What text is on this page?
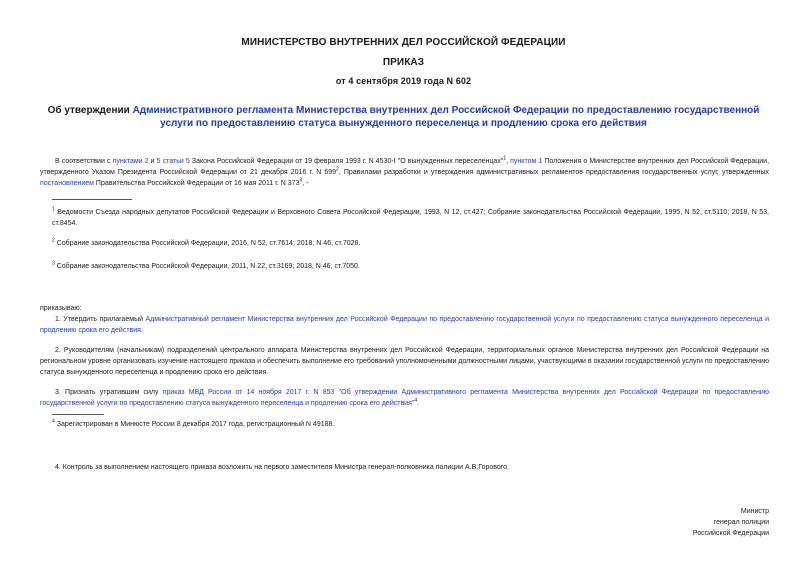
МИНИСТЕРСТВО ВНУТРЕННИХ ДЕЛ РОССИЙСКОЙ ФЕДЕРАЦИИ
ПРИКАЗ
от 4 сентября 2019 года N 602
Об утверждении Административного регламента Министерства внутренних дел Российской Федерации по предоставлению государственной услуги по предоставлению статуса вынужденного переселенца и продлению срока его действия
В соответствии с пунктами 2 и 5 статьи 5 Закона Российской Федерации от 19 февраля 1993 г. N 4530-I "О вынужденных переселенцах"$^1$, пунктом 1 Положения о Министерстве внутренних дел Российской Федерации, утвержденного Указом Президента Российской Федерации от 21 декабря 2016 г. N $699^2$, Правилами разработки и утверждения административных регламентов предоставления государственных услуг, утвержденных постановлением Правительства Российской Федерации от 16 мая 2011 г. N $373^3$, -
$^1$ Ведомости Съезда народных депутатов Российской Федерации и Верховного Совета Российской Федерации, 1993, N 12, ст.427; Собрание законодательства Российской Федерации, 1995, N 52, ст.5110; 2018, N 53, ст.8454.
$^2$ Собрание законодательства Российской Федерации, 2016, N 52, ст.7614; 2018, N 46, ст.7028.
$^3$ Собрание законодательства Российской Федерации, 2011, N 22, ст.3169; 2018, N 46, ст.7050.
приказываю:
1. Утвердить прилагаемый Административный регламент Министерства внутренних дел Российской Федерации по предоставлению государственной услуги по предоставлению статуса вынужденного переселенца и продлению срока его действия.
2. Руководителям (начальникам) подразделений центрального аппарата Министерства внутренних дел Российской Федерации, территориальных органов Министерства внутренних дел Российской Федерации на региональном уровне организовать изучение настоящего приказа и обеспечить выполнение его требований уполномоченными должностными лицами, участвующими в оказании государственной услуги по предоставлению статуса вынужденного переселенца и продлению срока его действия.
3. Признать утратившим силу приказ МВД России от 14 ноября 2017 г. N 853 "Об утверждении Административного регламента Министерства внутренних дел Российской Федерации по предоставлению государственной услуги по предоставлению статуса вынужденного переселенца и продлению срока его действия"$^4$.
$^4$ Зарегистрирован в Минюсте России 8 декабря 2017 года, регистрационный N 49188.
4. Контроль за выполнением настоящего приказа возложить на первого заместителя Министра генерал-полковника полиции А.В.Горового.
Министр
генерал полиции
Российской Федерации
